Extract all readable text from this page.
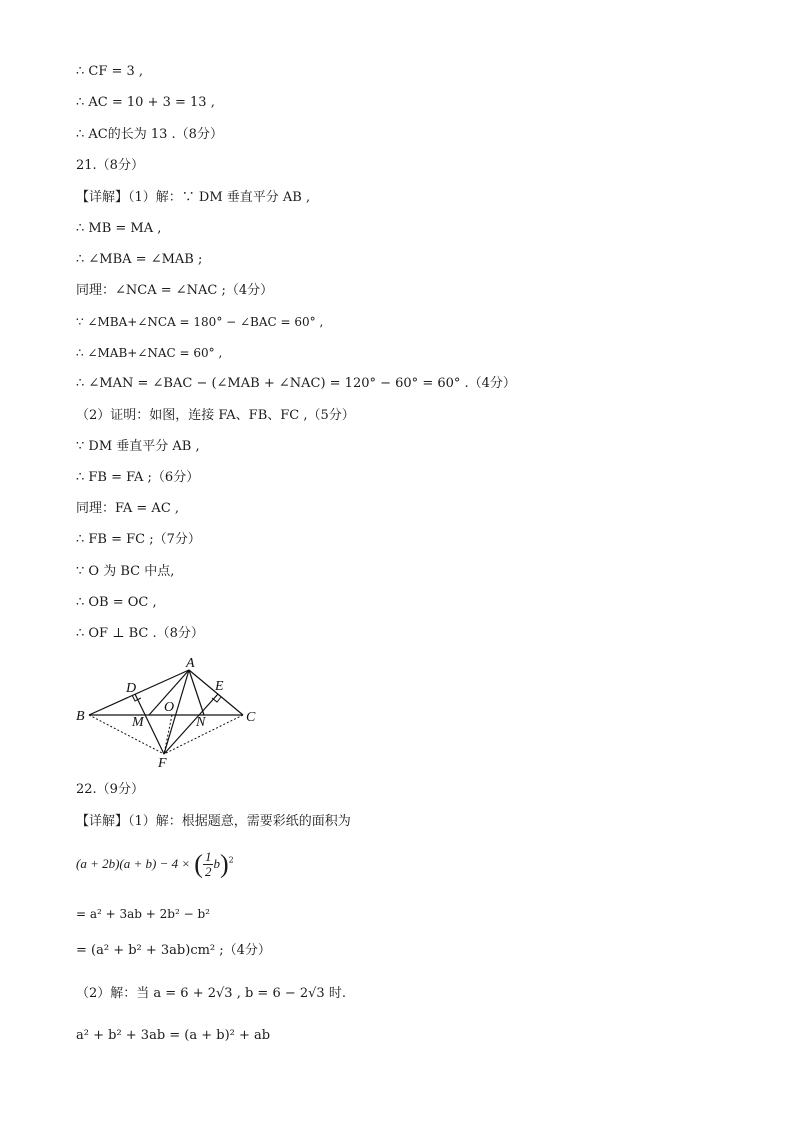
∴ CF = 3 ,
∴ AC = 10 + 3 = 13 ,
∴ AC的长为 13 .（8分）
21.（8分）
【详解】（1）解：∵ DM 垂直平分 AB ,
∴ MB = MA ,
∴ ∠MBA = ∠MAB ;
同理：∠NCA = ∠NAC ;（4分）
∵ ∠MBA+∠NCA = 180° − ∠BAC = 60° ,
∴ ∠MAB+∠NAC = 60° ,
∴ ∠MAN = ∠BAC − (∠MAB + ∠NAC) = 120° − 60° = 60° .（4分）
（2）证明：如图，连接 FA、FB、FC ,（5分）
∵ DM 垂直平分 AB ,
∴ FB = FA ;（6分）
同理：FA = AC ,
∴ FB = FC ;（7分）
∵ O 为 BC 中点,
∴ OB = OC ,
∴ OF ⊥ BC .（8分）
22.（9分）
【详解】（1）解：根据题意，需要彩纸的面积为
= a² + 3ab + 2b² − b²
= (a² + b² + 3ab)cm² ;（4分）
（2）解：当 a = 6 + 2√3 , b = 6 − 2√3 时.
a² + b² + 3ab = (a + b)² + ab
(a + 2b)(a + b) − 4 × ( $\frac{1}{2} b)^2$
A
B	C
D	E
F
M	N
O
